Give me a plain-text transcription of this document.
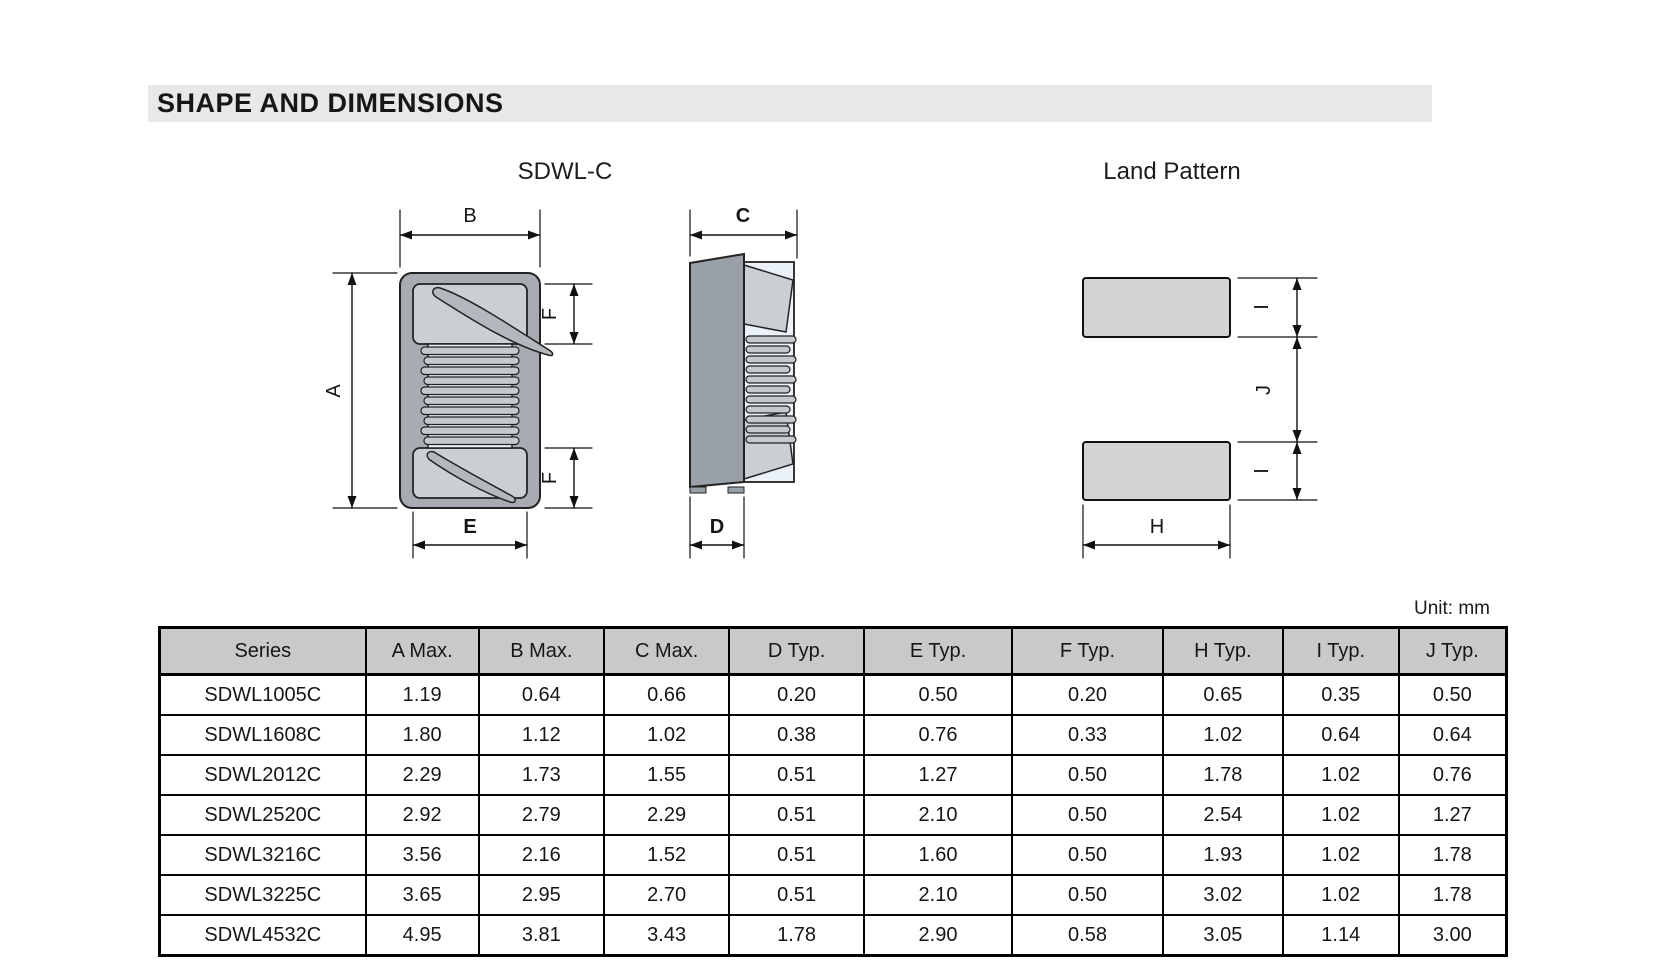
SHAPE AND DIMENSIONS
SDWL-C	Land Pattern
B
A
F
F
E
C
D
I
J
I
H
Unit: mm
Series	A Max.	B Max.	C Max.	D Typ.	E Typ.	F Typ.	H Typ.	I Typ.	J Typ.
SDWL1005C	1.19	0.64	0.66	0.20	0.50	0.20	0.65	0.35	0.50
SDWL1608C	1.80	1.12	1.02	0.38	0.76	0.33	1.02	0.64	0.64
SDWL2012C	2.29	1.73	1.55	0.51	1.27	0.50	1.78	1.02	0.76
SDWL2520C	2.92	2.79	2.29	0.51	2.10	0.50	2.54	1.02	1.27
SDWL3216C	3.56	2.16	1.52	0.51	1.60	0.50	1.93	1.02	1.78
SDWL3225C	3.65	2.95	2.70	0.51	2.10	0.50	3.02	1.02	1.78
SDWL4532C	4.95	3.81	3.43	1.78	2.90	0.58	3.05	1.14	3.00
